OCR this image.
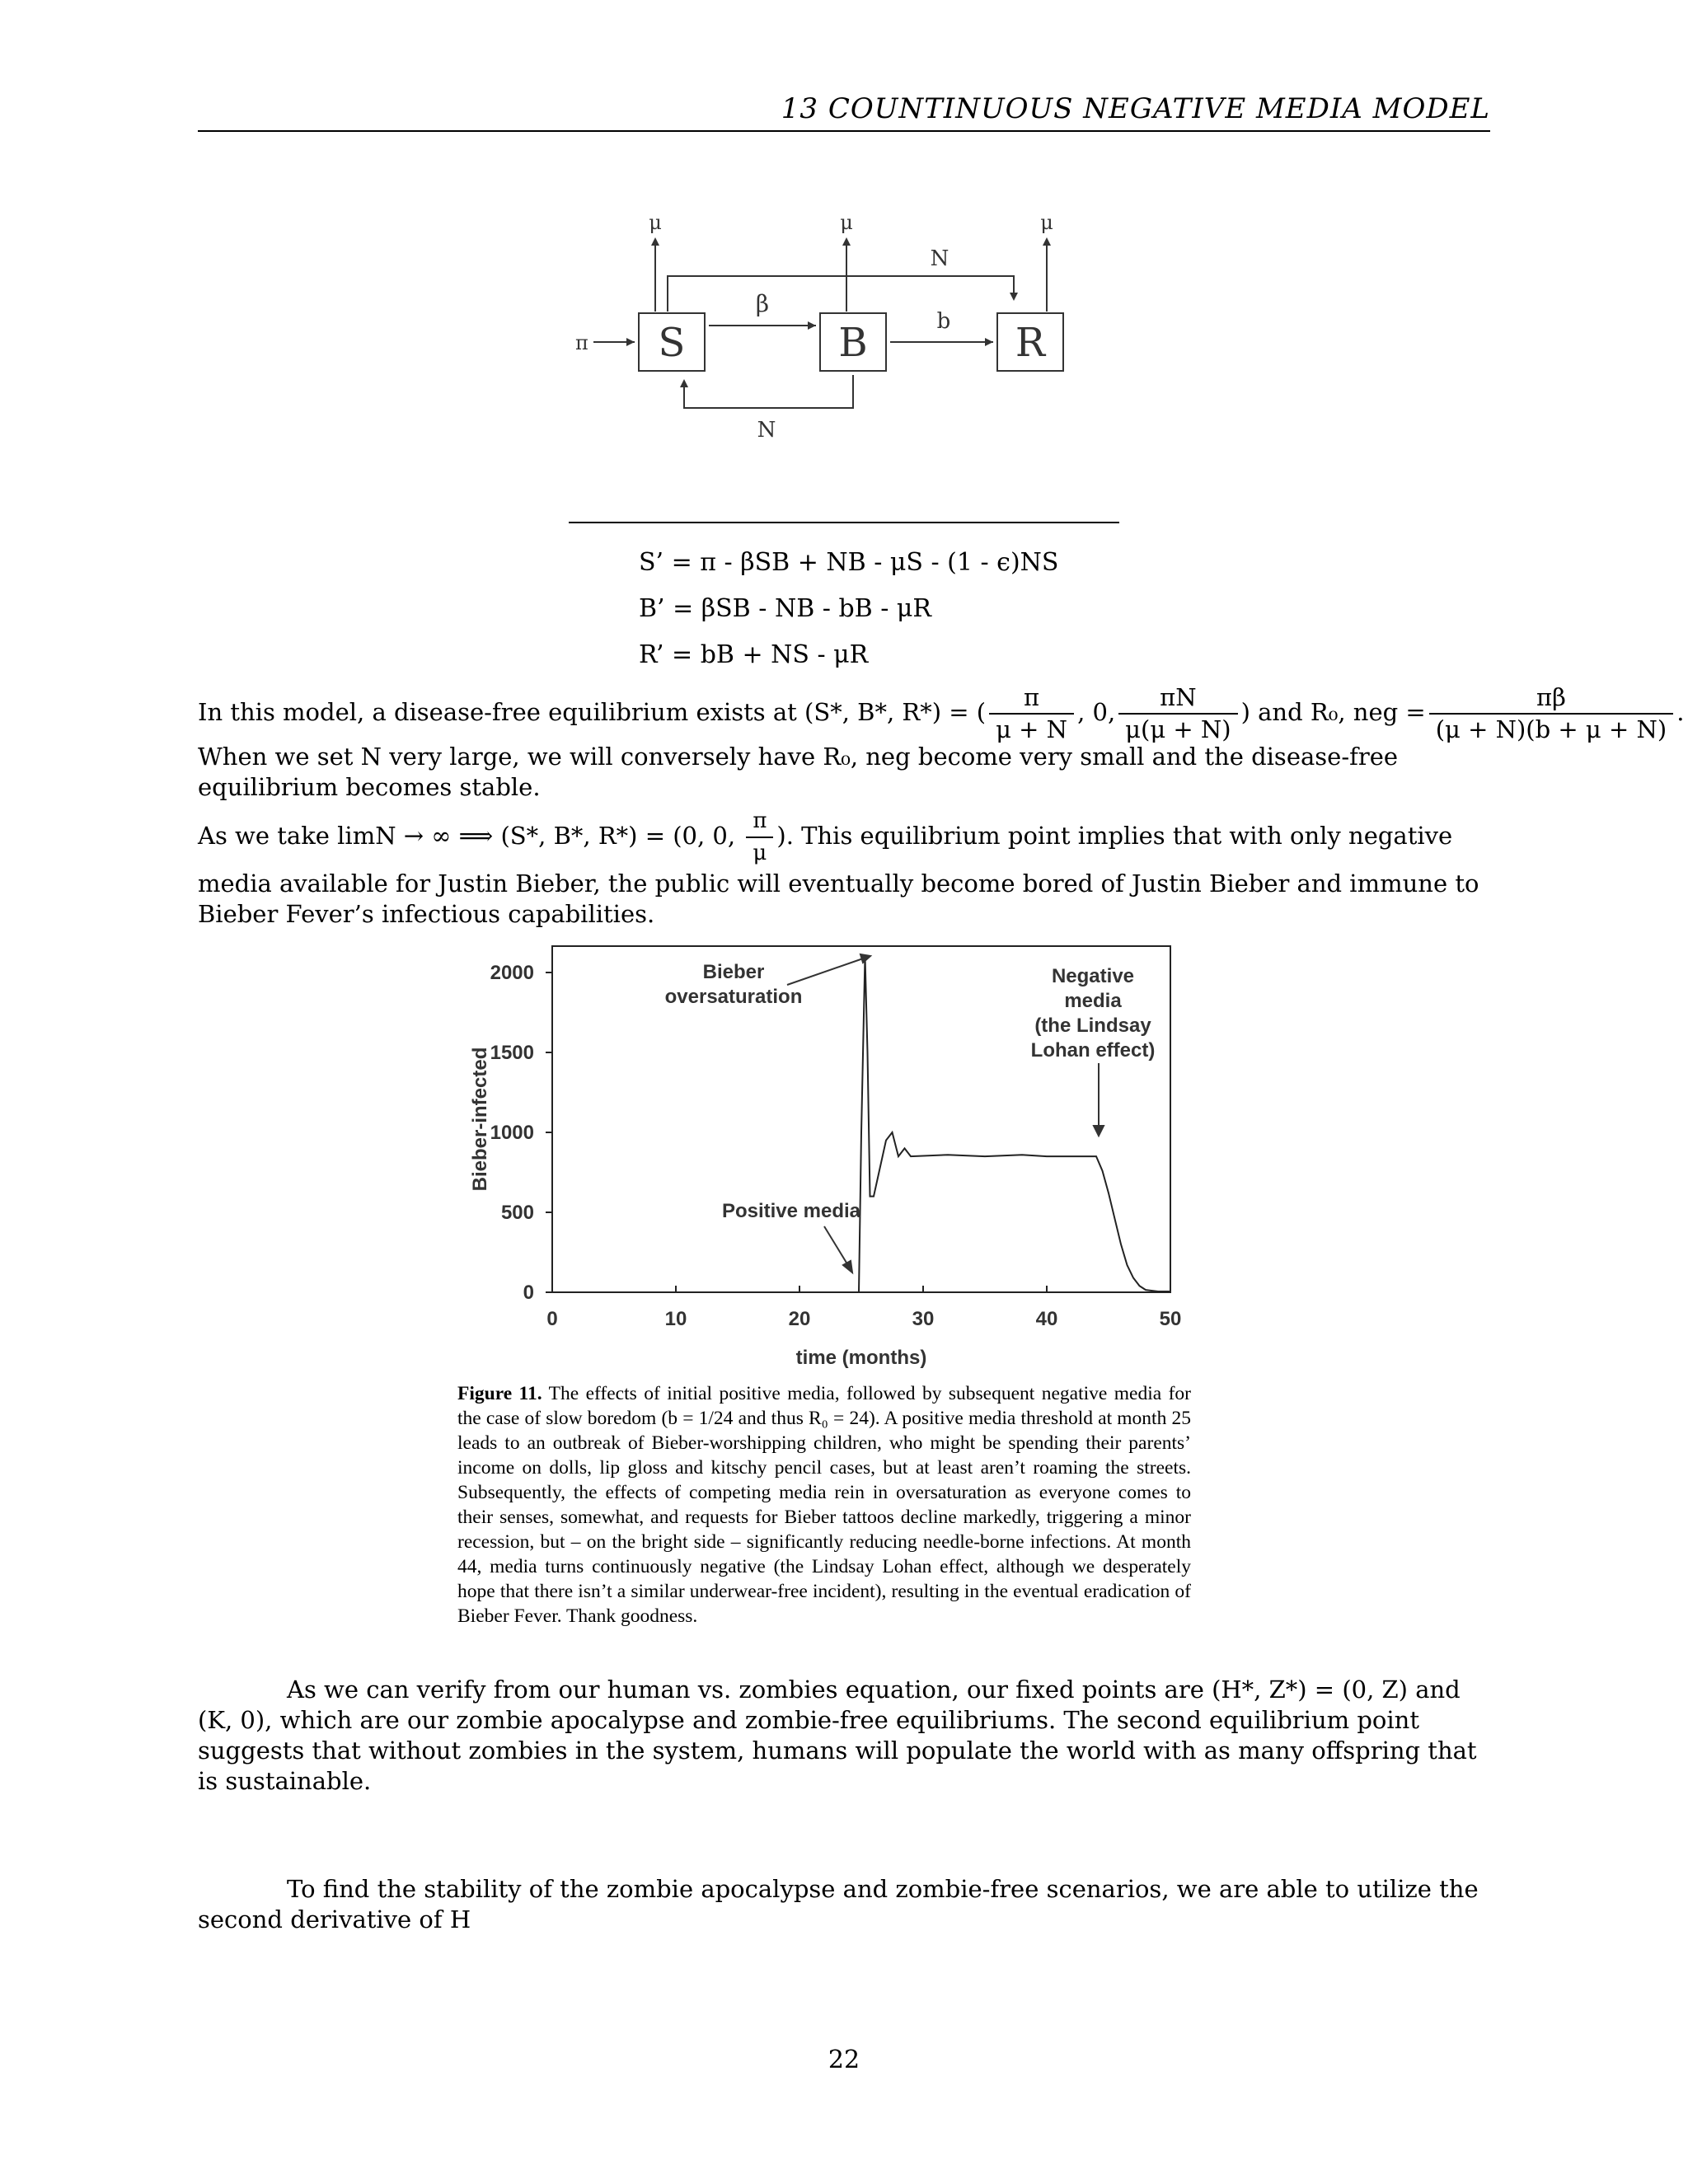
13 COUNTINUOUS NEGATIVE MEDIA MODEL
S	B	R
π
μ	μ	μ
β
b
N
N
S’ = π - βSB + NB - μS - (1 - ϵ)NS
B’ = βSB - NB - bB - μR
R’ = bB + NS - μR
In this model, a disease-free equilibrium exists at (S*, B*, R*) = ( $\frac{\pi}{\mu + N}$ , 0, $\frac{\pi N}{\mu(\mu + N)}$ ) and R₀, neg = $\frac{\pi\beta}{(\mu + N)(b + \mu + N)}$ .
When we set N very large, we will conversely have R₀, neg become very small and the disease-free equilibrium becomes stable.
As we take limN → ∞ ⟹ (S*, B*, R*) = (0, 0, $\frac{\pi}{\mu}$ ). This equilibrium point implies that with only negative media available for Justin Bieber, the public will eventually become bored of Justin Bieber and immune to Bieber Fever’s infectious capabilities.
0
500
1000
1500
2000
0	10	20	30	40	50
Bieber-infected
time (months)
Bieber
oversaturation
Negative
media
(the Lindsay
Lohan effect)
Positive media
Figure 11. The effects of initial positive media, followed by subsequent negative media for the case of slow boredom (b = 1/24 and thus R₀ = 24). A positive media threshold at month 25 leads to an outbreak of Bieber-worshipping children, who might be spending their parents’ income on dolls, lip gloss and kitschy pencil cases, but at least aren’t roaming the streets. Subsequently, the effects of competing media rein in oversaturation as everyone comes to their senses, somewhat, and requests for Bieber tattoos decline markedly, triggering a minor recession, but – on the bright side – significantly reducing needle-borne infections. At month 44, media turns continuously negative (the Lindsay Lohan effect, although we desperately hope that there isn’t a similar underwear-free incident), resulting in the eventual eradication of Bieber Fever. Thank goodness.
As we can verify from our human vs. zombies equation, our fixed points are (H*, Z*) = (0, Z) and (K, 0), which are our zombie apocalypse and zombie-free equilibriums. The second equilibrium point suggests that without zombies in the system, humans will populate the world with as many offspring that is sustainable.
To find the stability of the zombie apocalypse and zombie-free scenarios, we are able to utilize the second derivative of H
22
